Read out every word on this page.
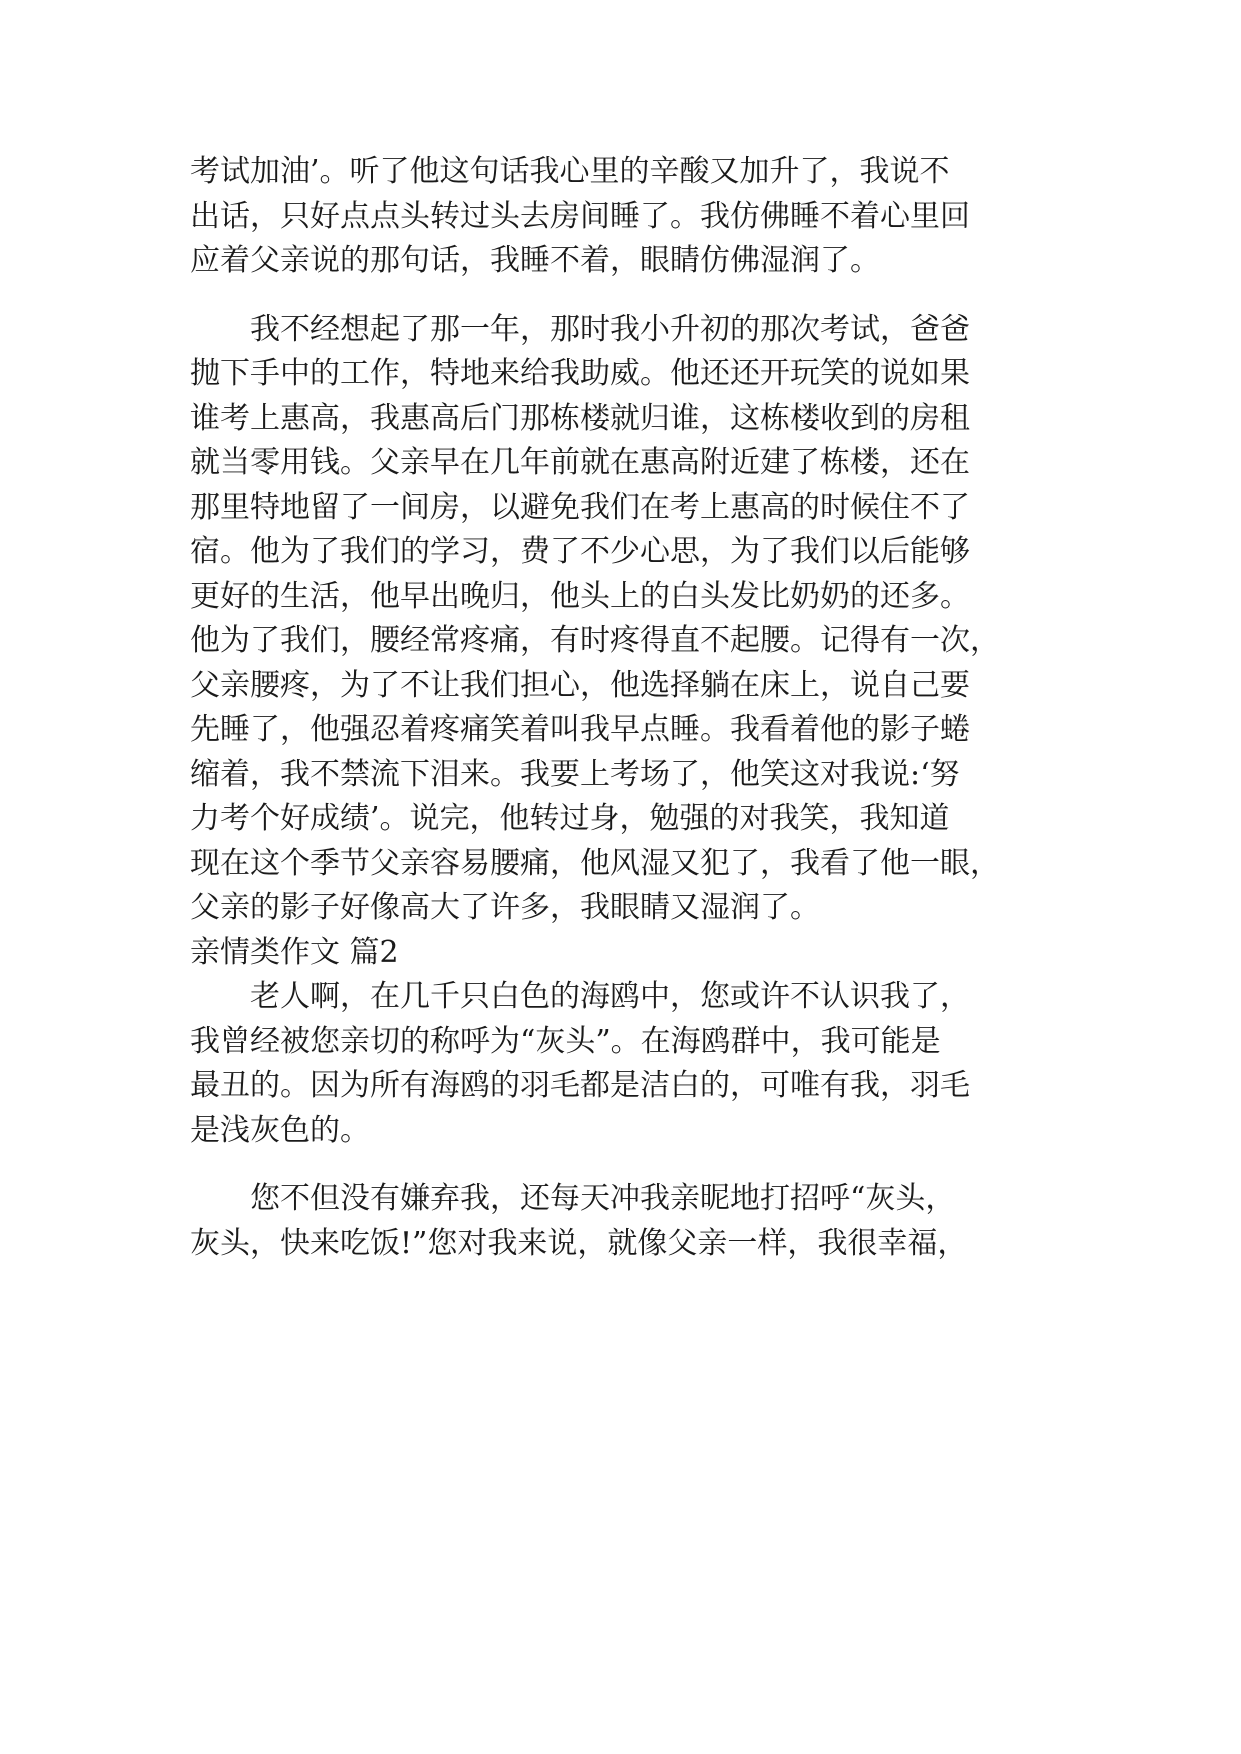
考试加油’。听了他这句话我心里的辛酸又加升了，我说不
出话，只好点点头转过头去房间睡了。我仿佛睡不着心里回
应着父亲说的那句话，我睡不着，眼睛仿佛湿润了。

我不经想起了那一年，那时我小升初的那次考试，爸爸
抛下手中的工作，特地来给我助威。他还还开玩笑的说如果
谁考上惠高，我惠高后门那栋楼就归谁，这栋楼收到的房租
就当零用钱。父亲早在几年前就在惠高附近建了栋楼，还在
那里特地留了一间房，以避免我们在考上惠高的时候住不了
宿。他为了我们的学习，费了不少心思，为了我们以后能够
更好的生活，他早出晚归，他头上的白头发比奶奶的还多。
他为了我们，腰经常疼痛，有时疼得直不起腰。记得有一次，
父亲腰疼，为了不让我们担心，他选择躺在床上，说自己要
先睡了，他强忍着疼痛笑着叫我早点睡。我看着他的影子蜷
缩着，我不禁流下泪来。我要上考场了，他笑这对我说:‘努
力考个好成绩’。说完，他转过身，勉强的对我笑，我知道
现在这个季节父亲容易腰痛，他风湿又犯了，我看了他一眼，
父亲的影子好像高大了许多，我眼睛又湿润了。

亲情类作文 篇2

老人啊，在几千只白色的海鸥中，您或许不认识我了，
我曾经被您亲切的称呼为“灰头”。在海鸥群中，我可能是
最丑的。因为所有海鸥的羽毛都是洁白的，可唯有我，羽毛
是浅灰色的。

您不但没有嫌弃我，还每天冲我亲昵地打招呼“灰头，
灰头，快来吃饭!”您对我来说，就像父亲一样，我很幸福，
